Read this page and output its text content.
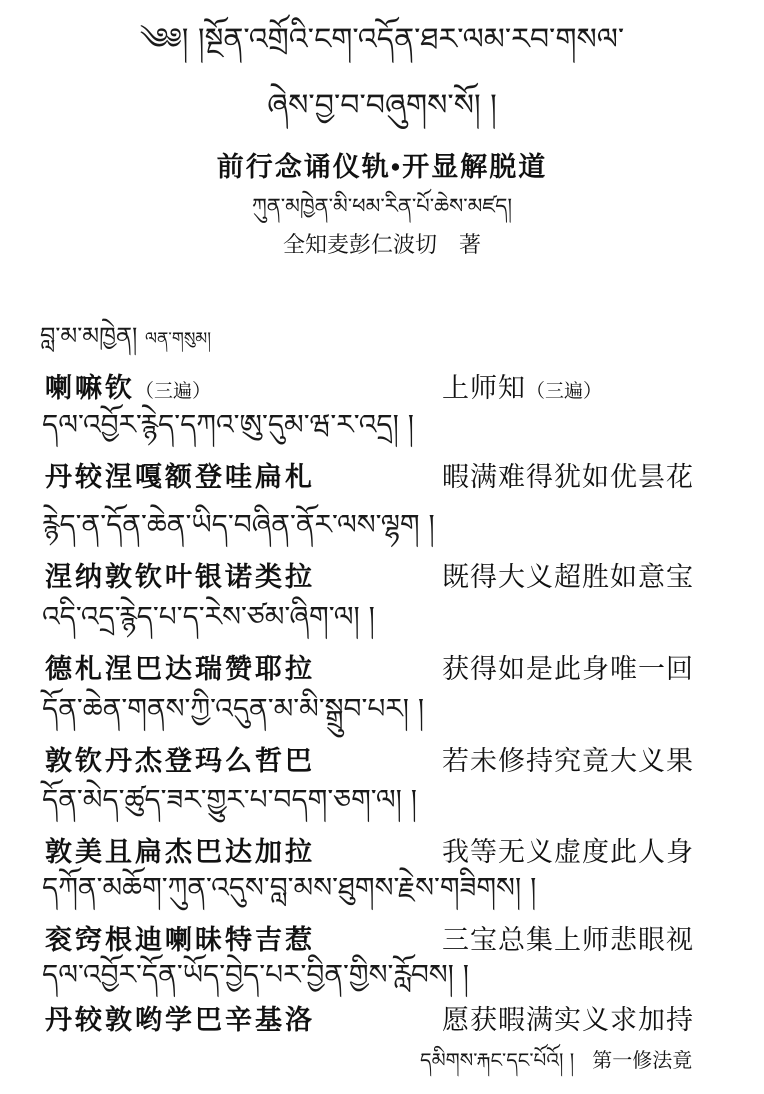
༄༅། །སྔོན་འགྲོའི་ངག་འདོན་ཐར་ལམ་རབ་གསལ་
ཞེས་བྱ་བ་བཞུགས་སོ། །
前行念诵仪轨•开显解脱道
ཀུན་མཁྱེན་མི་ཕམ་རིན་པོ་ཆེས་མཛད།
全知麦彭仁波切　著
བླ་མ་མཁྱེན། ལན་གསུམ།
喇嘛钦（三遍）	上师知（三遍）
དལ་འབྱོར་རྙེད་དཀའ་ཨུ་དུམ་ཝ་ར་འདྲ། །
丹较涅嘎额登哇扁札	暇满难得犹如优昙花
རྙེད་ན་དོན་ཆེན་ཡིད་བཞིན་ནོར་ལས་ལྷག །
涅纳敦钦叶银诺类拉	既得大义超胜如意宝
འདི་འདྲ་རྙེད་པ་ད་རེས་ཙམ་ཞིག་ལ། །
德札涅巴达瑞赞耶拉	获得如是此身唯一回
དོན་ཆེན་གནས་ཀྱི་འདུན་མ་མི་སྒྲུབ་པར། །
敦钦丹杰登玛么哲巴	若未修持究竟大义果
དོན་མེད་ཚུད་ཟར་གྱུར་པ་བདག་ཅག་ལ། །
敦美且扁杰巴达加拉	我等无义虚度此人身
དཀོན་མཆོག་ཀུན་འདུས་བླ་མས་ཐུགས་རྗེས་གཟིགས། །
衮窍根迪喇昧特吉惹	三宝总集上师悲眼视
དལ་འབྱོར་དོན་ཡོད་བྱེད་པར་བྱིན་གྱིས་རློབས། །
丹较敦哟学巴辛基洛	愿获暇满实义求加持
དམིགས་རྐང་དང་པོའོ། ། 第一修法竟
